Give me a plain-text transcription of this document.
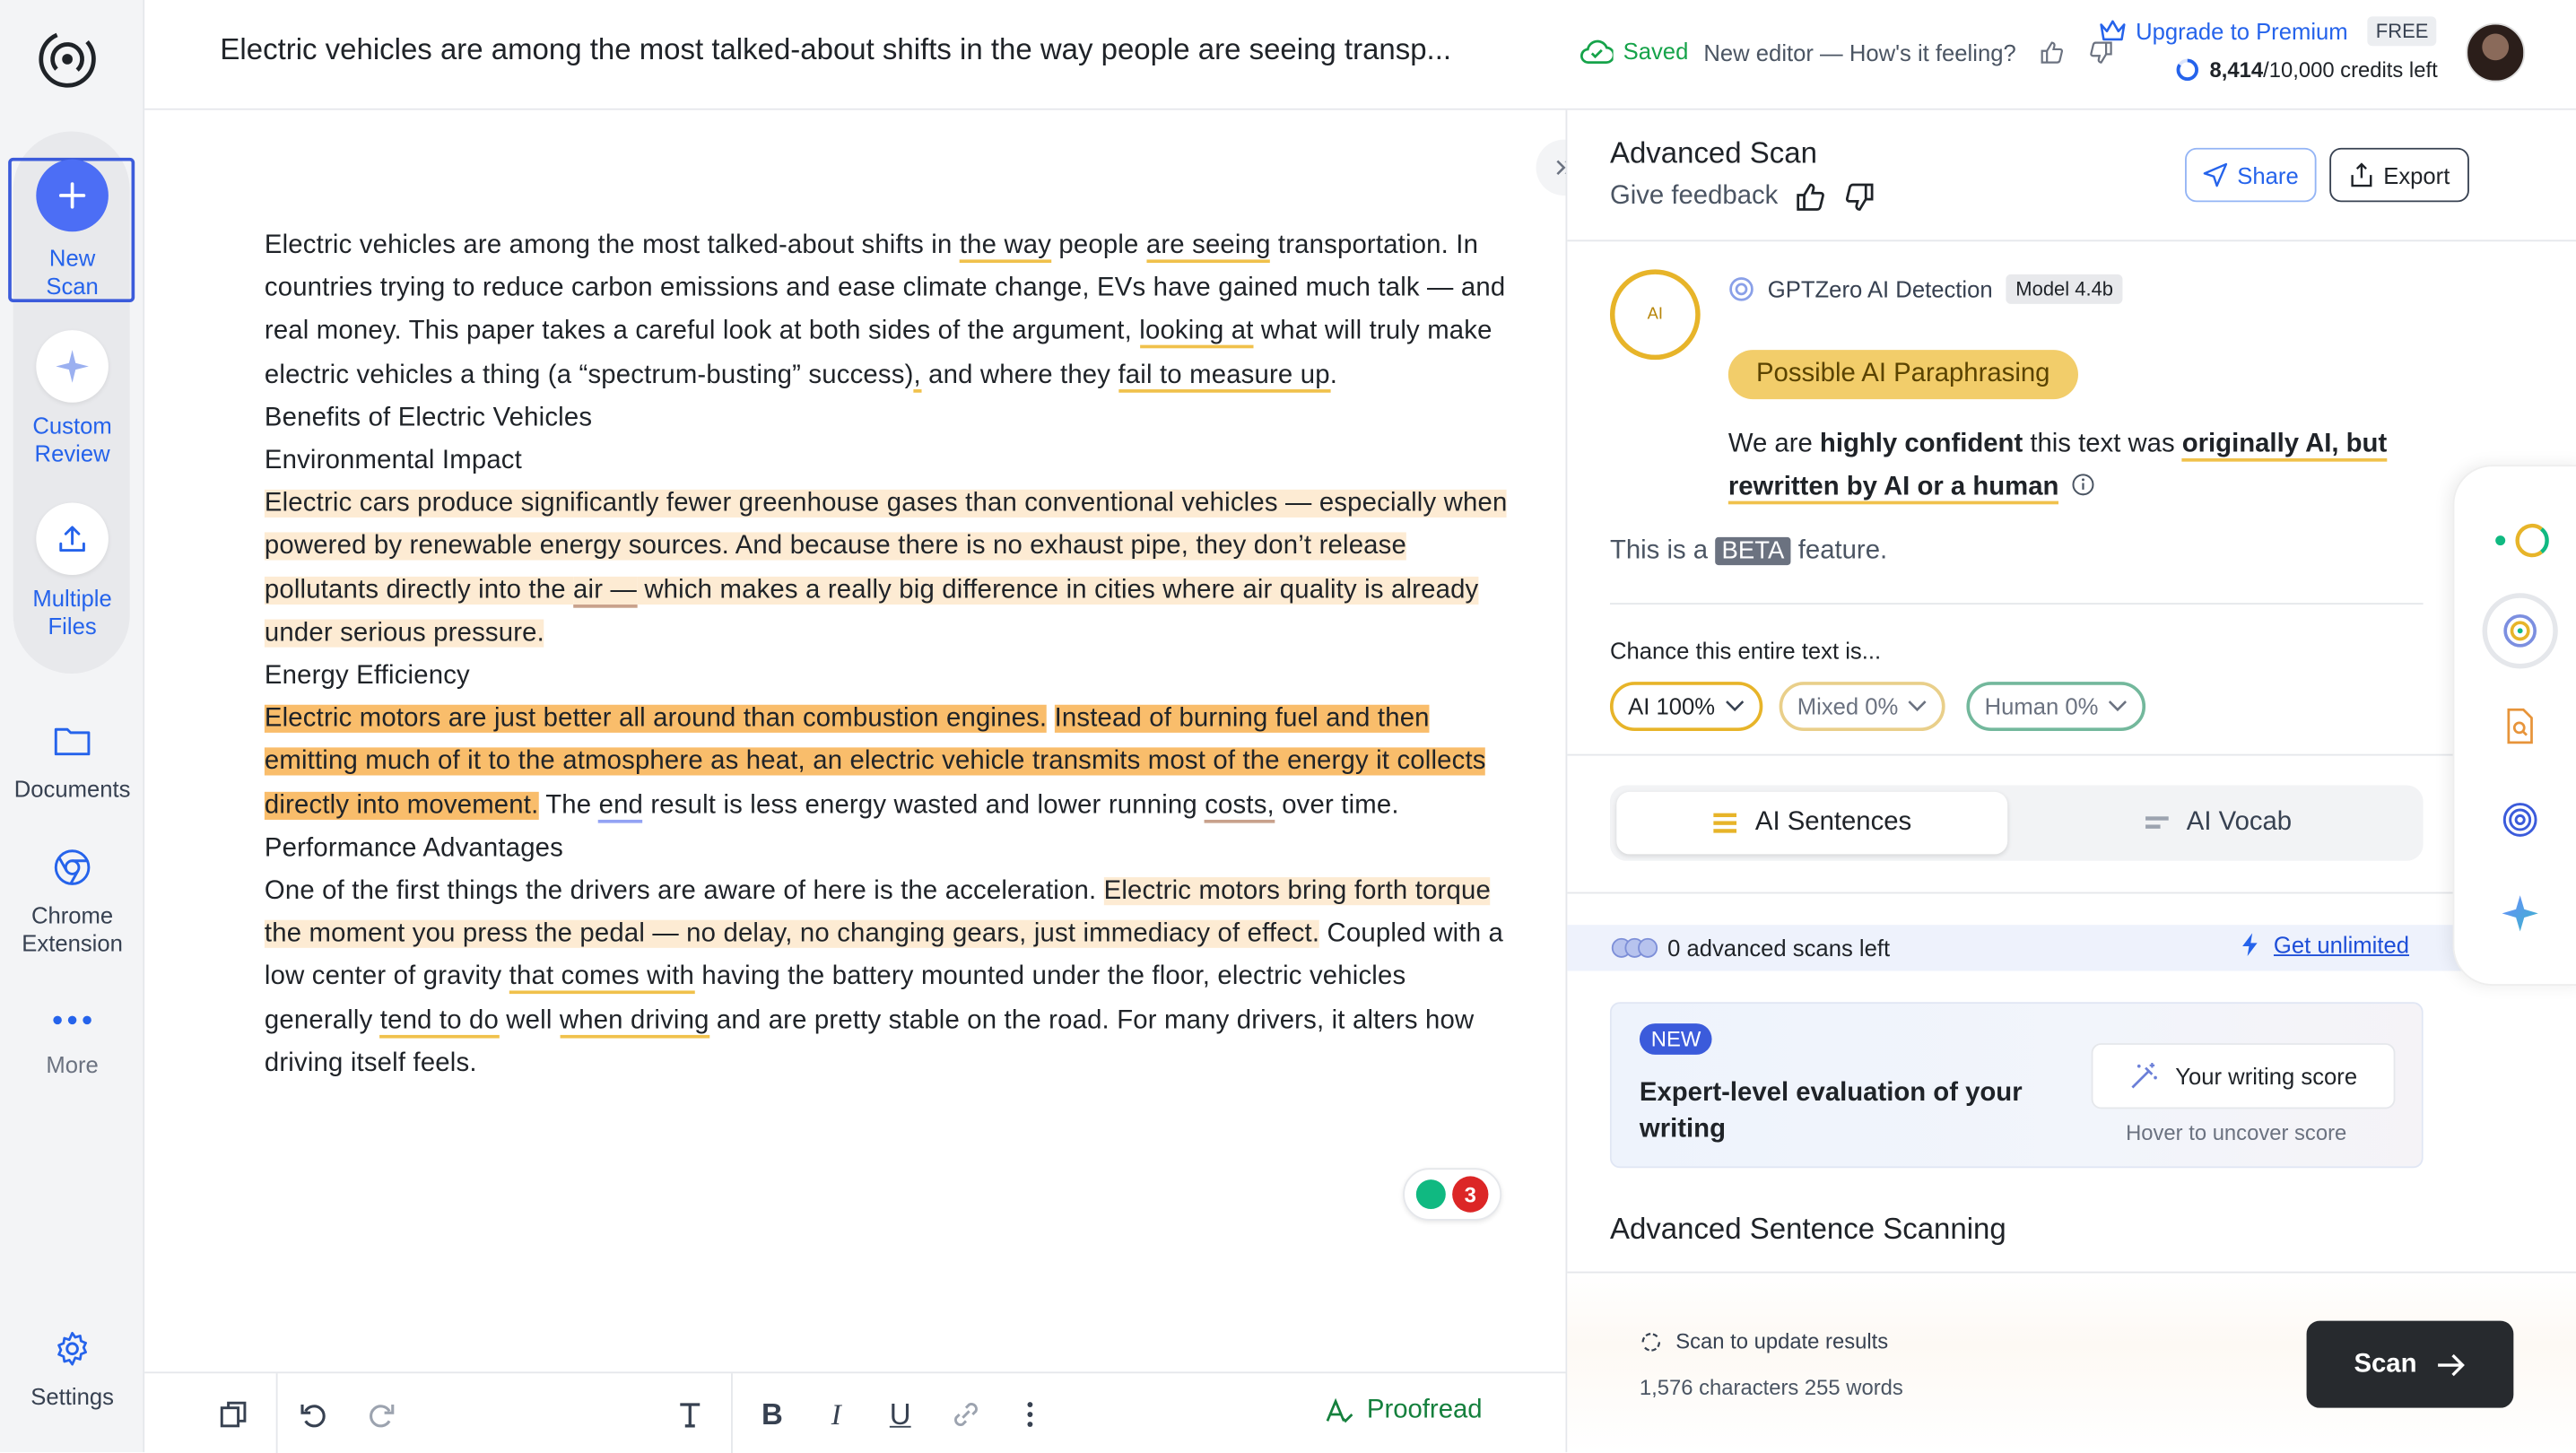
New
Scan
Custom
Review
Multiple
Files
Documents
Chrome
Extension
More
Settings
Electric vehicles are among the most talked-about shifts in the way people are seeing transp...	Saved New editor — How's it feeling?
Upgrade to Premium	FREE
8,414/10,000 credits left

Electric vehicles are among the most talked-about shifts in the way people are seeing transportation. In countries trying to reduce carbon emissions and ease climate change, EVs have gained much talk — and real money. This paper takes a careful look at both sides of the argument, looking at what will truly make electric vehicles a thing (a “spectrum-busting” success), and where they fail to measure up.

Benefits of Electric Vehicles

Environmental Impact

Electric cars produce significantly fewer greenhouse gases than conventional vehicles — especially when powered by renewable energy sources. And because there is no exhaust pipe, they don’t release pollutants directly into the air — which makes a really big difference in cities where air quality is already under serious pressure.

Energy Efficiency

Electric motors are just better all around than combustion engines. Instead of burning fuel and then emitting much of it to the atmosphere as heat, an electric vehicle transmits most of the energy it collects directly into movement. The end result is less energy wasted and lower running costs, over time.

Performance Advantages

One of the first things the drivers are aware of here is the acceleration. Electric motors bring forth torque the moment you press the pedal — no delay, no changing gears, just immediacy of effect. Coupled with a low center of gravity that comes with having the battery mounted under the floor, electric vehicles generally tend to do well when driving and are pretty stable on the road. For many drivers, it alters how driving itself feels.

3
B	I	U	Proofread
Advanced Scan
Give feedback
Share	Export
AI
GPTZero AI Detection	Model 4.4b
Possible AI Paraphrasing
We are highly confident this text was originally AI, but rewritten by AI or a human
This is a BETA feature.
Chance this entire text is...
AI 100%	Mixed 0%	Human 0%
AI Sentences	AI Vocab
0 advanced scans left	Get unlimited
NEW
Expert-level evaluation of your writing
Your writing score
Hover to uncover score
Advanced Sentence Scanning
Scan to update results
1,576 characters 255 words
Scan
